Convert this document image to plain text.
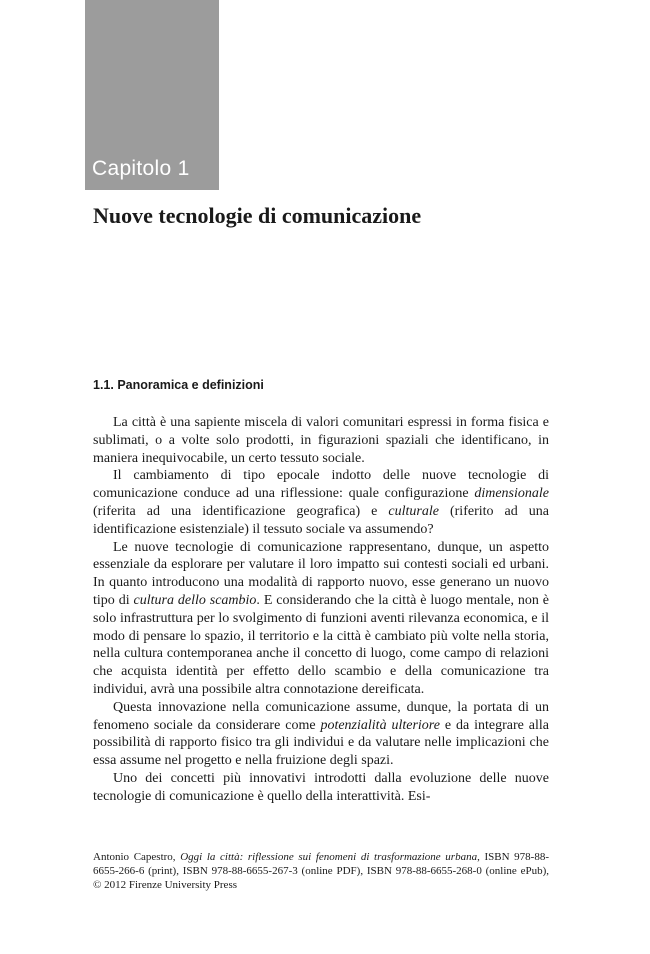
Capitolo 1
Nuove tecnologie di comunicazione
1.1. Panoramica e definizioni

La città è una sapiente miscela di valori comunitari espressi in forma fisica e sublimati, o a volte solo prodotti, in figurazioni spaziali che identificano, in maniera inequivocabile, un certo tessuto sociale.

Il cambiamento di tipo epocale indotto delle nuove tecnologie di comunicazione conduce ad una riflessione: quale configurazione dimensionale (riferita ad una identificazione geografica) e culturale (riferito ad una identificazione esistenziale) il tessuto sociale va assumendo?

Le nuove tecnologie di comunicazione rappresentano, dunque, un aspetto essenziale da esplorare per valutare il loro impatto sui contesti sociali ed urbani. In quanto introducono una modalità di rapporto nuovo, esse generano un nuovo tipo di cultura dello scambio. E considerando che la città è luogo mentale, non è solo infrastruttura per lo svolgimento di funzioni aventi rilevanza economica, e il modo di pensare lo spazio, il territorio e la città è cambiato più volte nella storia, nella cultura contemporanea anche il concetto di luogo, come campo di relazioni che acquista identità per effetto dello scambio e della comunicazione tra individui, avrà una possibile altra connotazione dereificata.

Questa innovazione nella comunicazione assume, dunque, la portata di un fenomeno sociale da considerare come potenzialità ulteriore e da integrare alla possibilità di rapporto fisico tra gli individui e da valutare nelle implicazioni che essa assume nel progetto e nella fruizione degli spazi.

Uno dei concetti più innovativi introdotti dalla evoluzione delle nuove tecnologie di comunicazione è quello della interattività. Esi-

Antonio Capestro, Oggi la città: riflessione sui fenomeni di trasformazione urbana, ISBN 978-88-6655-266-6 (print), ISBN 978-88-6655-267-3 (online PDF), ISBN 978-88-6655-268-0 (online ePub), © 2012 Firenze University Press
